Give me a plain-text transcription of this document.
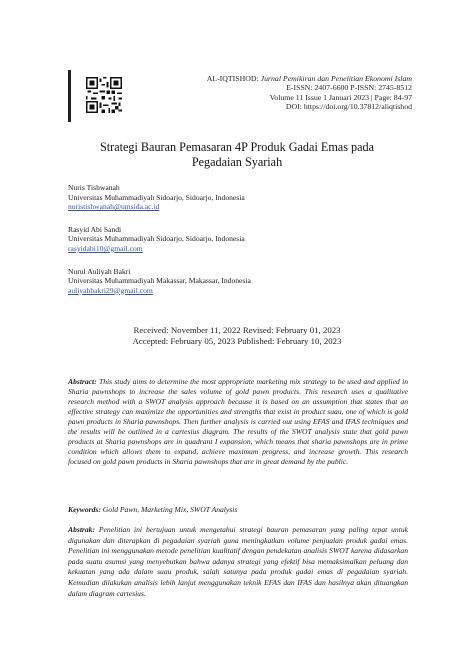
AL-IQTISHOD: Jurnal Pemikiran dan Penelitian Ekonomi Islam
E-ISSN: 2407-6600 P-ISSN: 2745-8512
Volume 11 Issue 1 Januari 2023 | Page: 84-97
DOI: https://doi.org/10.37812/aliqtishod
Strategi Bauran Pemasaran 4P Produk Gadai Emas pada
Pegadaian Syariah
Nuris Tishwanah
Universitas Muhammadiyah Sidoarjo, Sidoarjo, Indonesia
nuristishwanah@umsida.ac.id
Rasyid Abi Sandi
Universitas Muhammadiyah Sidoarjo, Sidoarjo, Indonesia
rasyidabi10@gmail.com
Nurul Auliyah Bakri
Universitas Muhammadiyah Makassar, Makassar, Indonesia
auliyahbakri29@gmail.com
Received: November 11, 2022 Revised: February 01, 2023
Accepted: February 05, 2023 Published: February 10, 2023
Abstract: This study aims to determine the most appropriate marketing mix strategy to be used and applied in Sharia pawnshops to increase the sales volume of gold pawn products. This research uses a qualitative research method with a SWOT analysis approach because it is based on an assumption that states that an effective strategy can maximize the opportunities and strengths that exist in product suau, one of which is gold pawn products in Sharia pawnshops. Then further analysis is carried out using EFAS and IFAS techniques and the results will be outlined in a cartesius diagram. The results of the SWOT analysis state that gold pawn products at Sharia pawnshops are in quadrant I expansion, which means that sharia pawnshops are in prime condition which allows them to expand, achieve maximum progress, and increase growth. This research focused on gold pawn products in Sharia pawnshops that are in great demand by the public.
Keywords: Gold Pawn, Marketing Mix, SWOT Analysis
Abstrak: Penelitian ini bertujuan untuk mengetahui strategi bauran pemasaran yang paling tepat untuk digunakan dan diterapkan di pegadaian syariah guna meningkatkan volume penjualan produk gadai emas. Penelitian ini menggunakan metode penelitian kualitatif dengan pendekatan analisis SWOT karena didasarkan pada suatu asumsi yang menyebutkan bahwa adanya strategi yang efektif bisa memaksimalkan peluang dan kekuatan yang ada dalam suau produk, salah satunya pada produk gadai emas di pegadaian syariah. Kemudian dilakukan analisis lebih lanjut menggunakan teknik EFAS dan IFAS dan hasilnya akan dituangkan dalam diagram cartesius.
